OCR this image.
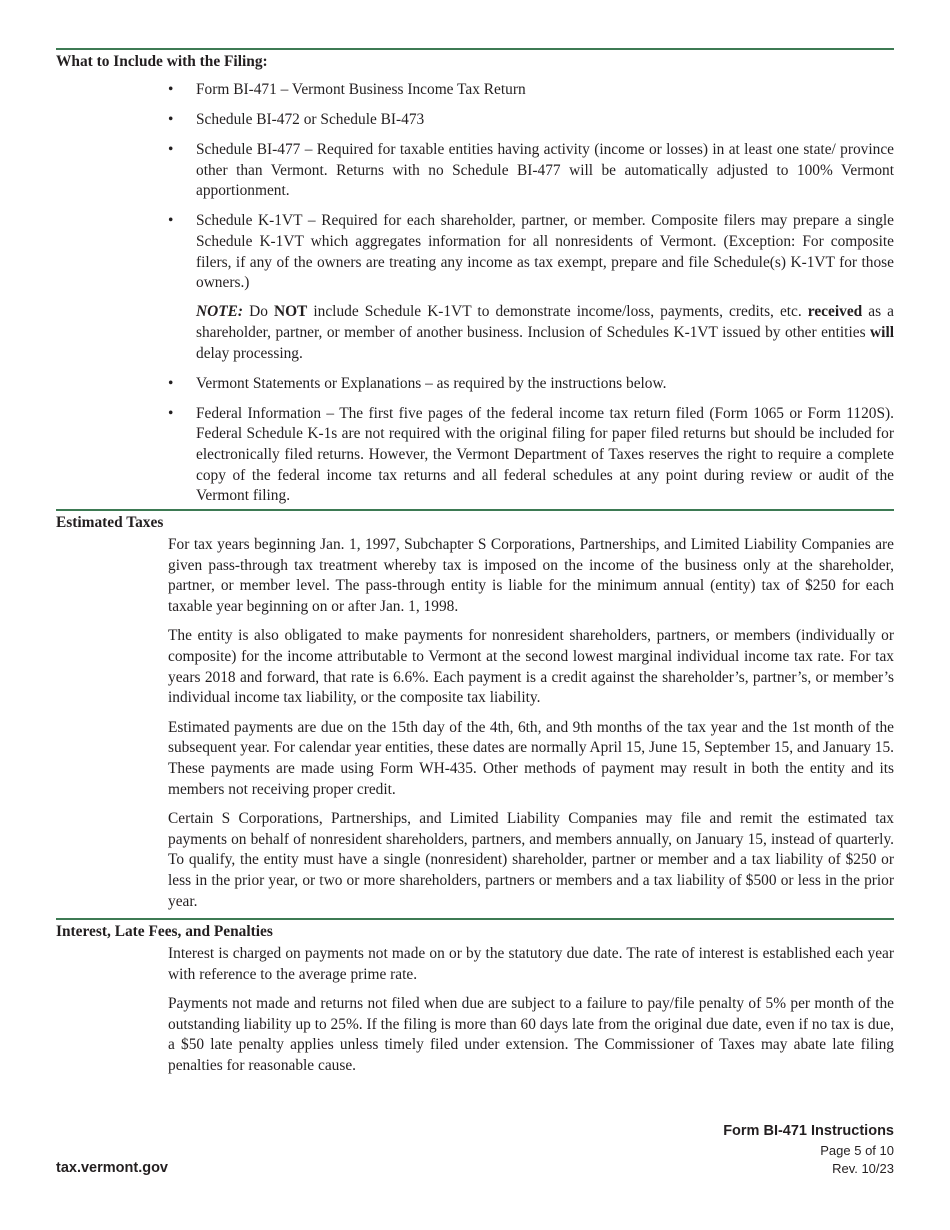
What to Include with the Filing:
• Form BI-471 – Vermont Business Income Tax Return
• Schedule BI-472 or Schedule BI-473
• Schedule BI-477 – Required for taxable entities having activity (income or losses) in at least one state/ province other than Vermont. Returns with no Schedule BI-477 will be automatically adjusted to 100% Vermont apportionment.
• Schedule K-1VT – Required for each shareholder, partner, or member. Composite filers may prepare a single Schedule K-1VT which aggregates information for all nonresidents of Vermont. (Exception: For composite filers, if any of the owners are treating any income as tax exempt, prepare and file Schedule(s) K-1VT for those owners.)
NOTE: Do NOT include Schedule K-1VT to demonstrate income/loss, payments, credits, etc. received as a shareholder, partner, or member of another business. Inclusion of Schedules K-1VT issued by other entities will delay processing.
• Vermont Statements or Explanations – as required by the instructions below.
• Federal Information – The first five pages of the federal income tax return filed (Form 1065 or Form 1120S). Federal Schedule K-1s are not required with the original filing for paper filed returns but should be included for electronically filed returns. However, the Vermont Department of Taxes reserves the right to require a complete copy of the federal income tax returns and all federal schedules at any point during review or audit of the Vermont filing.
Estimated Taxes

For tax years beginning Jan. 1, 1997, Subchapter S Corporations, Partnerships, and Limited Liability Companies are given pass-through tax treatment whereby tax is imposed on the income of the business only at the shareholder, partner, or member level. The pass-through entity is liable for the minimum annual (entity) tax of $250 for each taxable year beginning on or after Jan. 1, 1998.

The entity is also obligated to make payments for nonresident shareholders, partners, or members (individually or composite) for the income attributable to Vermont at the second lowest marginal individual income tax rate. For tax years 2018 and forward, that rate is 6.6%. Each payment is a credit against the shareholder’s, partner’s, or member’s individual income tax liability, or the composite tax liability.

Estimated payments are due on the 15th day of the 4th, 6th, and 9th months of the tax year and the 1st month of the subsequent year. For calendar year entities, these dates are normally April 15, June 15, September 15, and January 15. These payments are made using Form WH-435. Other methods of payment may result in both the entity and its members not receiving proper credit.

Certain S Corporations, Partnerships, and Limited Liability Companies may file and remit the estimated tax payments on behalf of nonresident shareholders, partners, and members annually, on January 15, instead of quarterly. To qualify, the entity must have a single (nonresident) shareholder, partner or member and a tax liability of $250 or less in the prior year, or two or more shareholders, partners or members and a tax liability of $500 or less in the prior year.

Interest, Late Fees, and Penalties

Interest is charged on payments not made on or by the statutory due date. The rate of interest is established each year with reference to the average prime rate.

Payments not made and returns not filed when due are subject to a failure to pay/file penalty of 5% per month of the outstanding liability up to 25%. If the filing is more than 60 days late from the original due date, even if no tax is due, a $50 late penalty applies unless timely filed under extension. The Commissioner of Taxes may abate late filing penalties for reasonable cause.

tax.vermont.gov
Form BI-471 Instructions
Page 5 of 10
Rev. 10/23
